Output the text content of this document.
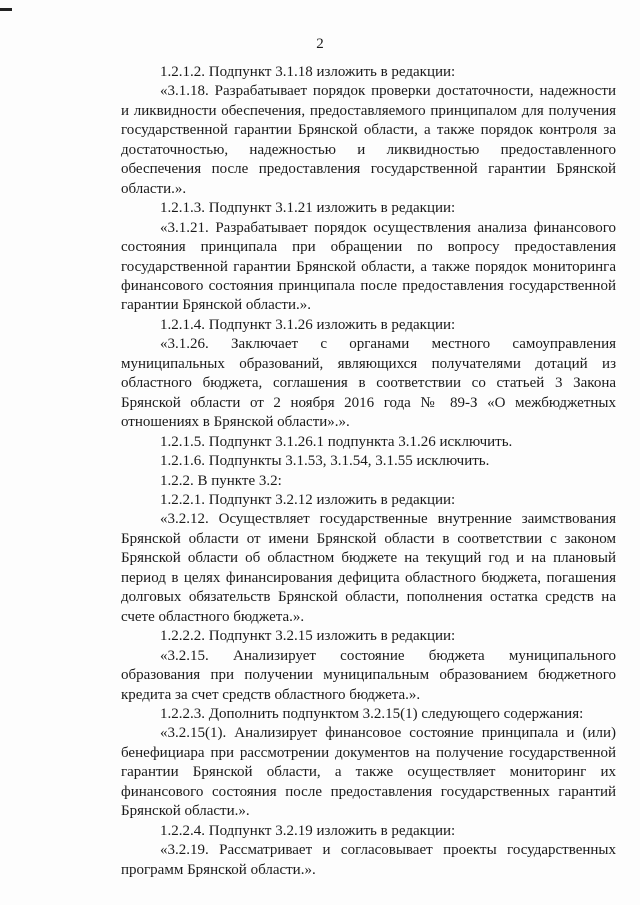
2

1.2.1.2. Подпункт 3.1.18 изложить в редакции:

«3.1.18. Разрабатывает порядок проверки достаточности, надежности и ликвидности обеспечения, предоставляемого принципалом для получения государственной гарантии Брянской области, а также порядок контроля за достаточностью, надежностью и ликвидностью предоставленного обеспечения после предоставления государственной гарантии Брянской области.».

1.2.1.3. Подпункт 3.1.21 изложить в редакции:

«3.1.21. Разрабатывает порядок осуществления анализа финансового состояния принципала при обращении по вопросу предоставления государственной гарантии Брянской области, а также порядок мониторинга финансового состояния принципала после предоставления государственной гарантии Брянской области.».

1.2.1.4. Подпункт 3.1.26 изложить в редакции:

«3.1.26. Заключает с органами местного самоуправления муниципальных образований, являющихся получателями дотаций из областного бюджета, соглашения в соответствии со статьей 3 Закона Брянской области от 2 ноября 2016 года № 89-З «О межбюджетных отношениях в Брянской области».».

1.2.1.5. Подпункт 3.1.26.1 подпункта 3.1.26 исключить.

1.2.1.6. Подпункты 3.1.53, 3.1.54, 3.1.55 исключить.

1.2.2. В пункте 3.2:

1.2.2.1. Подпункт 3.2.12 изложить в редакции:

«3.2.12. Осуществляет государственные внутренние заимствования Брянской области от имени Брянской области в соответствии с законом Брянской области об областном бюджете на текущий год и на плановый период в целях финансирования дефицита областного бюджета, погашения долговых обязательств Брянской области, пополнения остатка средств на счете областного бюджета.».

1.2.2.2. Подпункт 3.2.15 изложить в редакции:

«3.2.15. Анализирует состояние бюджета муниципального образования при получении муниципальным образованием бюджетного кредита за счет средств областного бюджета.».

1.2.2.3. Дополнить подпунктом 3.2.15(1) следующего содержания:

«3.2.15(1). Анализирует финансовое состояние принципала и (или) бенефициара при рассмотрении документов на получение государственной гарантии Брянской области, а также осуществляет мониторинг их финансового состояния после предоставления государственных гарантий Брянской области.».

1.2.2.4. Подпункт 3.2.19 изложить в редакции:

«3.2.19. Рассматривает и согласовывает проекты государственных программ Брянской области.».
